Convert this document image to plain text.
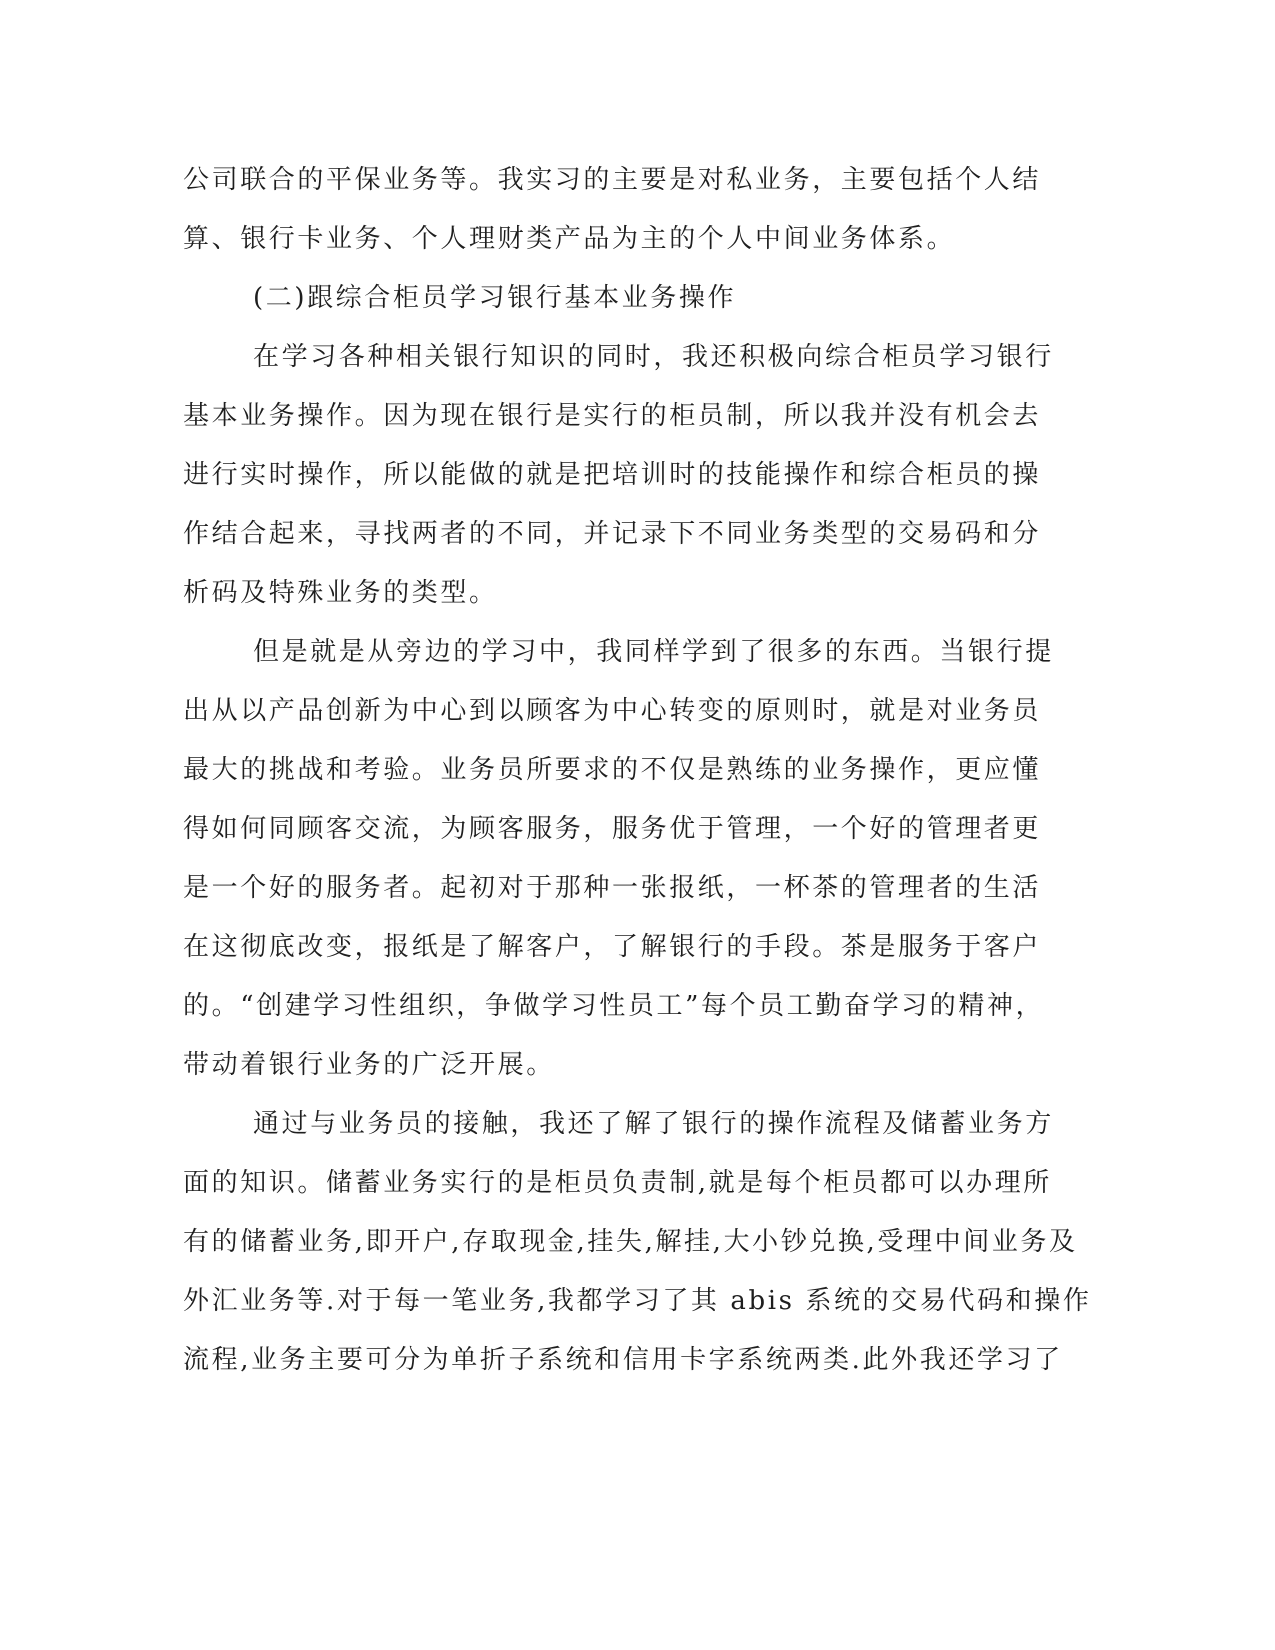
公司联合的平保业务等。我实习的主要是对私业务，主要包括个人结

算、银行卡业务、个人理财类产品为主的个人中间业务体系。

(二)跟综合柜员学习银行基本业务操作

在学习各种相关银行知识的同时，我还积极向综合柜员学习银行

基本业务操作。因为现在银行是实行的柜员制，所以我并没有机会去

进行实时操作，所以能做的就是把培训时的技能操作和综合柜员的操

作结合起来，寻找两者的不同，并记录下不同业务类型的交易码和分

析码及特殊业务的类型。

但是就是从旁边的学习中，我同样学到了很多的东西。当银行提

出从以产品创新为中心到以顾客为中心转变的原则时，就是对业务员

最大的挑战和考验。业务员所要求的不仅是熟练的业务操作，更应懂

得如何同顾客交流，为顾客服务，服务优于管理，一个好的管理者更

是一个好的服务者。起初对于那种一张报纸，一杯茶的管理者的生活

在这彻底改变，报纸是了解客户，了解银行的手段。茶是服务于客户

的。“创建学习性组织，争做学习性员工”每个员工勤奋学习的精神，

带动着银行业务的广泛开展。

通过与业务员的接触，我还了解了银行的操作流程及储蓄业务方

面的知识。储蓄业务实行的是柜员负责制,就是每个柜员都可以办理所

有的储蓄业务,即开户,存取现金,挂失,解挂,大小钞兑换,受理中间业务及

外汇业务等.对于每一笔业务,我都学习了其 abis 系统的交易代码和操作

流程,业务主要可分为单折子系统和信用卡字系统两类.此外我还学习了
